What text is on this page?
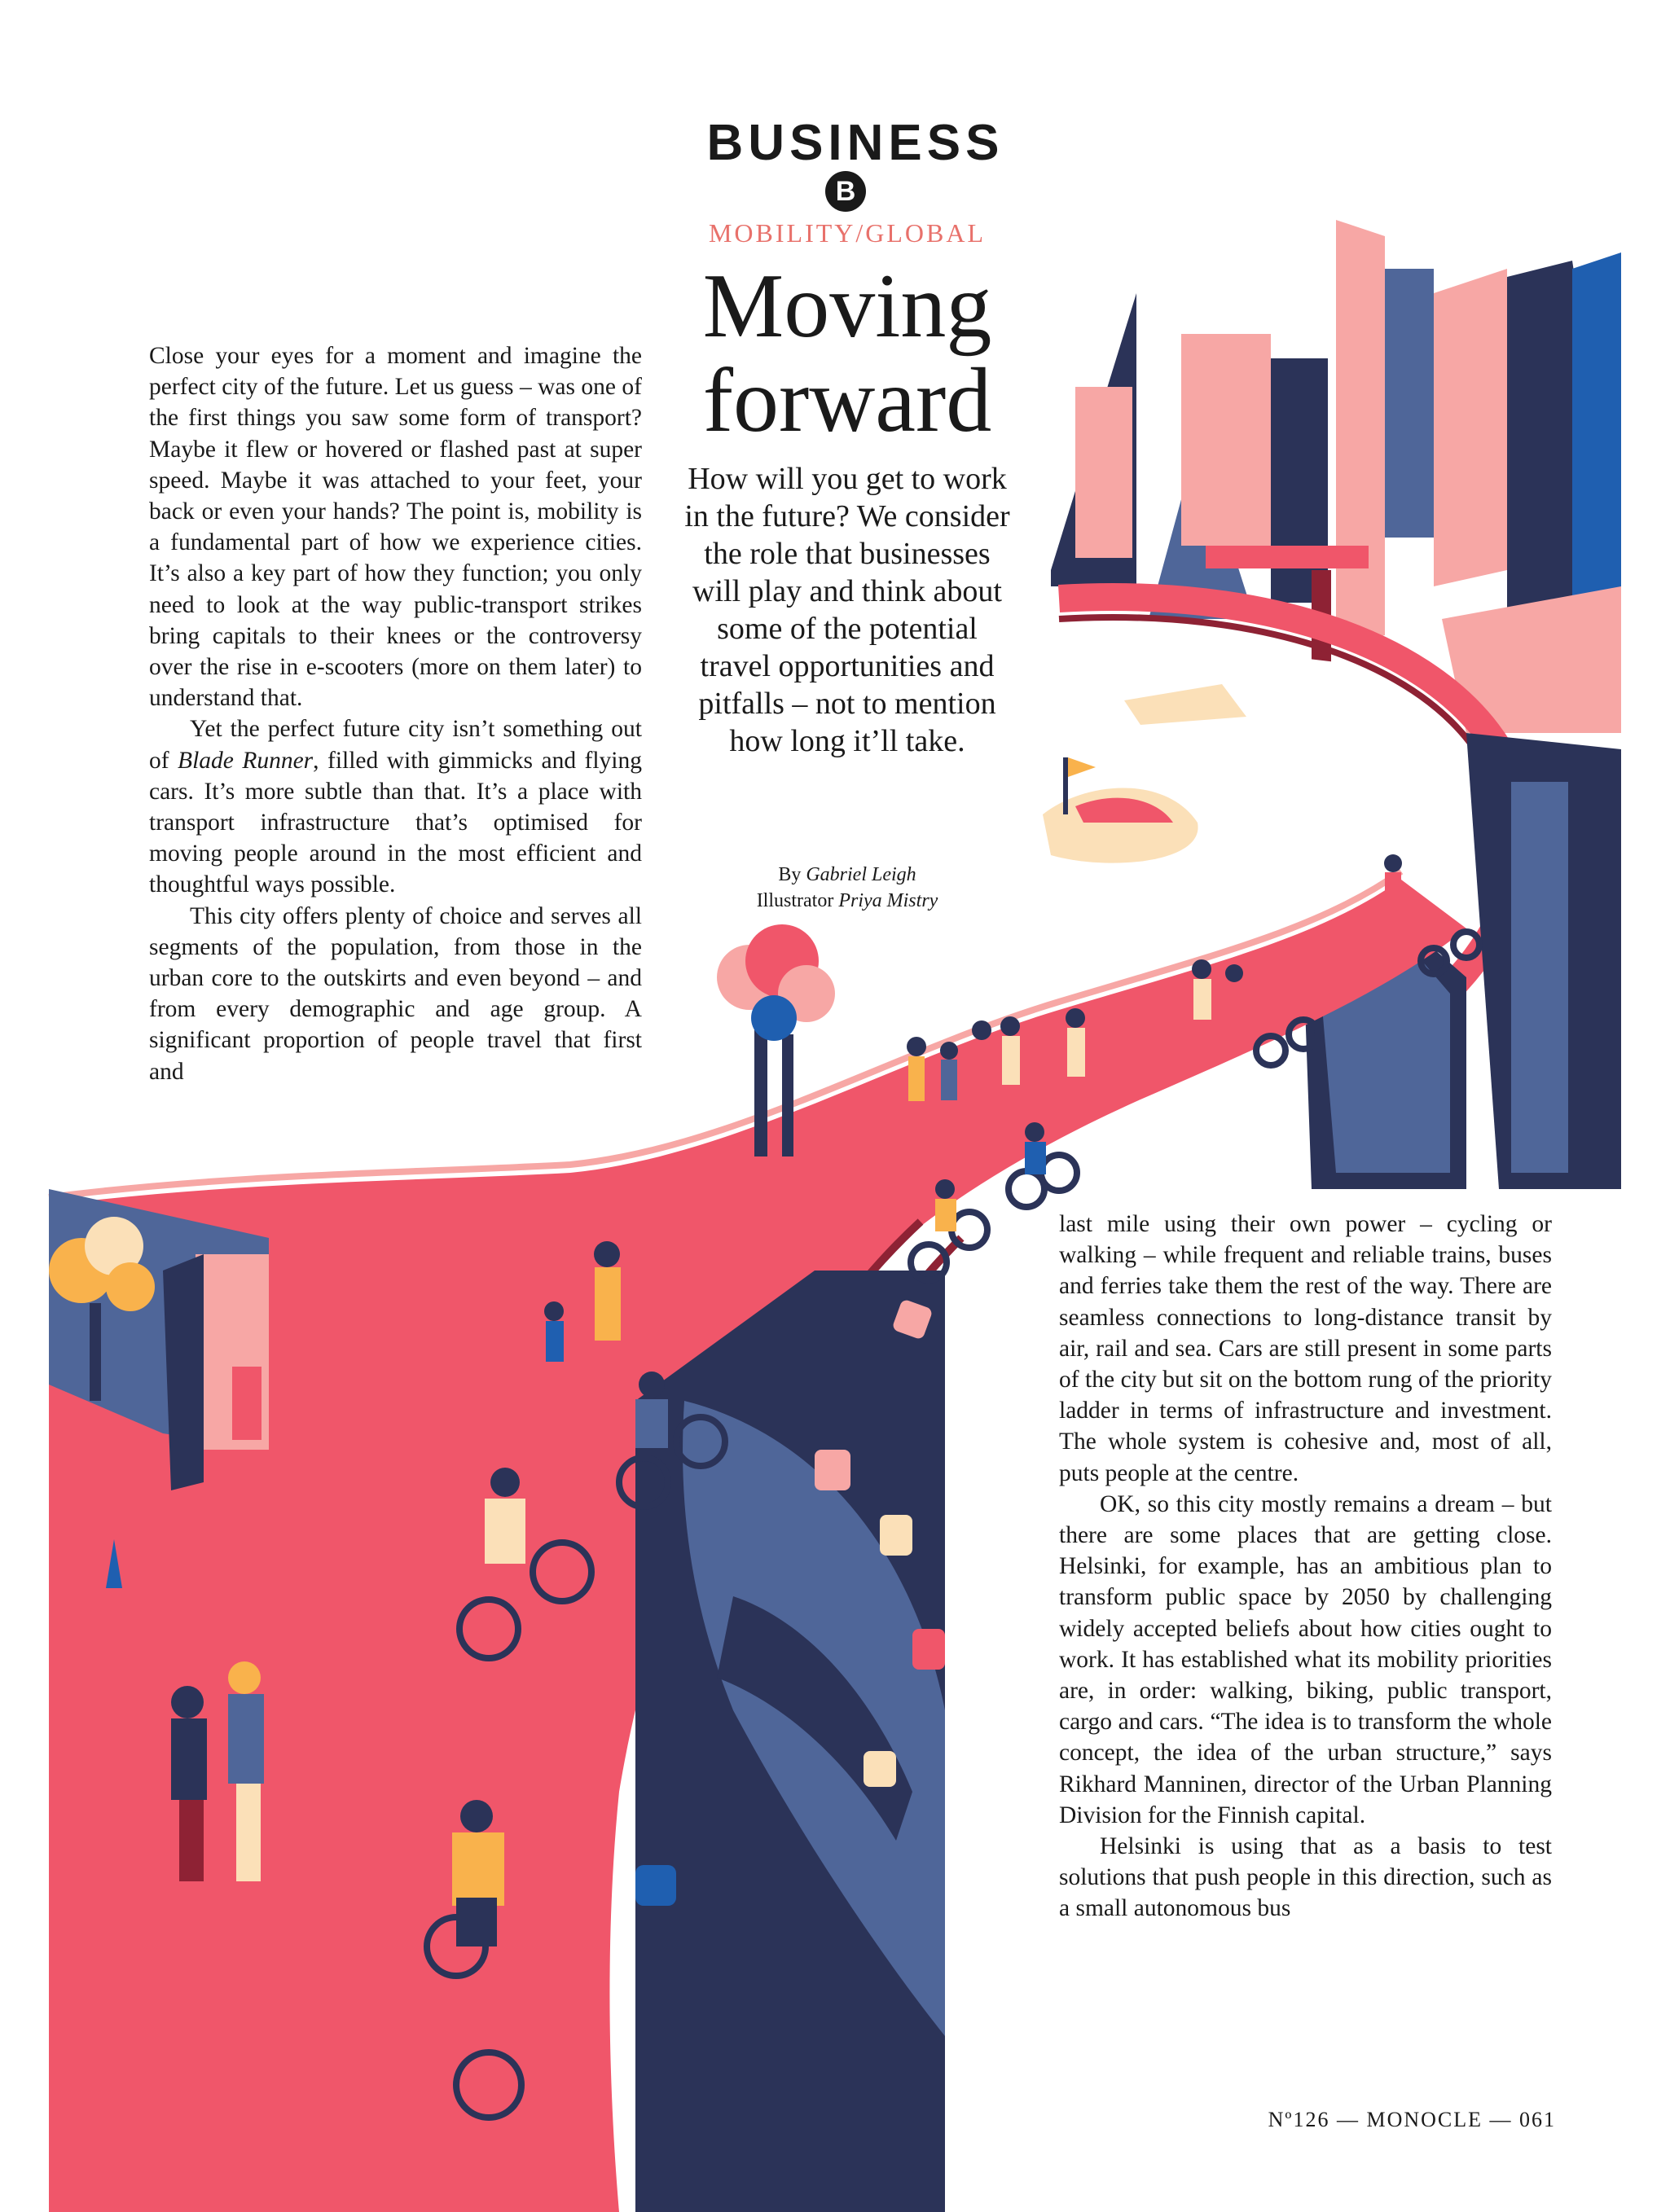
BUSINESS
B
MOBILITY/GLOBAL
Moving
forward
How will you get to work in the future? We consider the role that businesses will play and think about some of the potential travel opportunities and pitfalls – not to mention how long it’ll take.
By Gabriel Leigh
Illustrator Priya Mistry

Close your eyes for a moment and imagine the perfect city of the future. Let us guess – was one of the first things you saw some form of transport? Maybe it flew or hovered or flashed past at super speed. Maybe it was attached to your feet, your back or even your hands? The point is, mobility is a fundamental part of how we experience cities. It’s also a key part of how they function; you only need to look at the way public-transport strikes bring capitals to their knees or the controversy over the rise in e-scooters (more on them later) to understand that.

Yet the perfect future city isn’t something out of Blade Runner, filled with gimmicks and flying cars. It’s more subtle than that. It’s a place with transport infrastructure that’s optimised for moving people around in the most efficient and thoughtful ways possible.

This city offers plenty of choice and serves all segments of the population, from those in the urban core to the outskirts and even beyond – and from every demographic and age group. A significant proportion of people travel that first and

last mile using their own power – cycling or walking – while frequent and reliable trains, buses and ferries take them the rest of the way. There are seamless connections to long-distance transit by air, rail and sea. Cars are still present in some parts of the city but sit on the bottom rung of the priority ladder in terms of infrastructure and investment. The whole system is cohesive and, most of all, puts people at the centre.

OK, so this city mostly remains a dream – but there are some places that are getting close. Helsinki, for example, has an ambitious plan to transform public space by 2050 by challenging widely accepted beliefs about how cities ought to work. It has established what its mobility priorities are, in order: walking, biking, public transport, cargo and cars. “The idea is to transform the whole concept, the idea of the urban structure,” says Rikhard Manninen, director of the Urban Planning Division for the Finnish capital.

Helsinki is using that as a basis to test solutions that push people in this direction, such as a small autonomous bus

Nº126 — MONOCLE — 061
